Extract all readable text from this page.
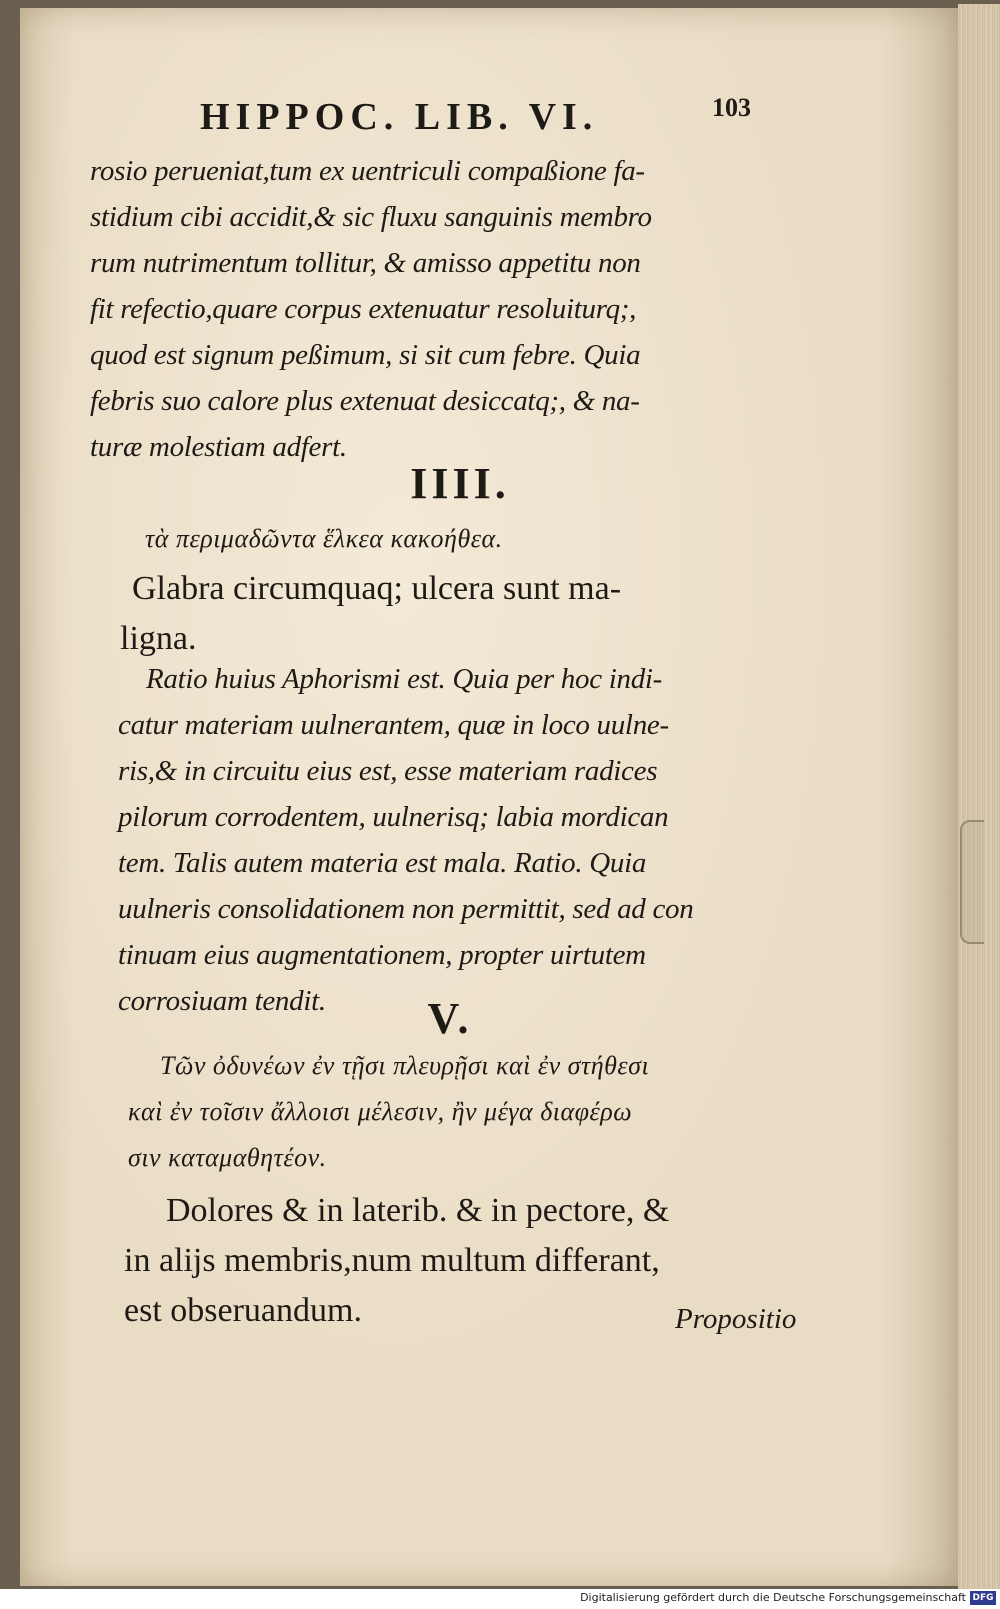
HIPPOC. LIB. VI.	103
rosio perueniat,tum ex uentriculi compaßione fa-
stidium cibi accidit,& sic fluxu sanguinis membro
rum nutrimentum tollitur, & amisso appetitu non
fit refectio,quare corpus extenuatur resoluiturq;,
quod est signum peßimum, si sit cum febre. Quia
febris suo calore plus extenuat desiccatq;, & na-
turæ molestiam adfert.
IIII.
τὰ περιμαδῶντα ἕλκεα κακοήθεα.
Glabra circumquaq; ulcera sunt ma-
ligna.
Ratio huius Aphorismi est. Quia per hoc indi-
catur materiam uulnerantem, quæ in loco uulne-
ris,& in circuitu eius est, esse materiam radices
pilorum corrodentem, uulnerisq; labia mordican
tem. Talis autem materia est mala. Ratio. Quia
uulneris consolidationem non permittit, sed ad con
tinuam eius augmentationem, propter uirtutem
corrosiuam tendit.	V.
Τῶν ὀδυνέων ἐν τῇσι πλευρῇσι καὶ ἐν στήθεσι
καὶ ἐν τοῖσιν ἄλλοισι μέλεσιν, ἢν μέγα διαφέρω
σιν καταμαθητέον.
Dolores & in laterib. & in pectore, &
in alijs membris,num multum differant,
est obseruandum.	Propositio
Digitalisierung gefördert durch die Deutsche Forschungsgemeinschaft DFG
